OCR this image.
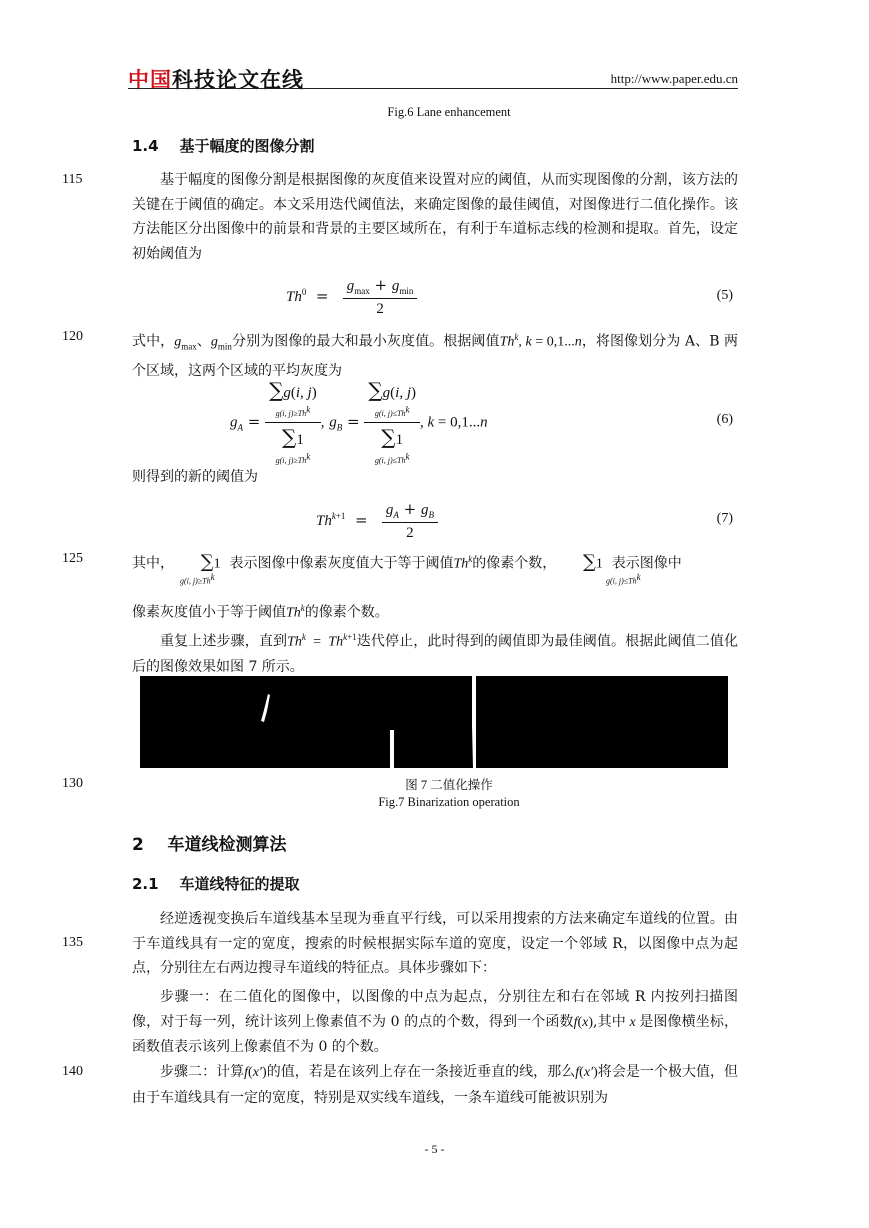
中国科技论文在线	http://www.paper.edu.cn
Fig.6 Lane enhancement
1.4 基于幅度的图像分割
115	基于幅度的图像分割是根据图像的灰度值来设置对应的阈值，从而实现图像的分割，该方法的关键在于阈值的确定。本文采用迭代阈值法，来确定图像的最佳阈值，对图像进行二值化操作。该方法能区分出图像中的前景和背景的主要区域所在，有利于车道标志线的检测和提取。首先，设定初始阈值为
$Th^0 = \frac{g_{max} + g_{min}}{2}$	(5)
120	式中，$g_{max}$、$g_{min}$分别为图像的最大和最小灰度值。根据阈值Th$^k$, k = 0,1...n，将图像划分为 A、B 两个区域，这两个区域的平均灰度为
$g_A$ =
∑g(i, j)
g(i, $j)\ge Th^k$
∑1
g(i, $j)\ge Th^k$
, $g_B$ =
∑g(i, j)
g(i, $j)\le Th^k$
∑1
g(i, $j)\le Th^k$
, k = 0,1...n	(6)
则得到的新的阈值为
$Th^{k+1} = \frac{g_A + g_B}{2}$	(7)
125	其中， ∑1 表示图像中像素灰度值大于等于阈值Th$^k$的像素个数， ∑1 表示图像中
g(i, $j)\ge Th^k$	g(i, $j)\le Th^k$
像素灰度值小于等于阈值Th$^k$的像素个数。
重复上述步骤，直到$Th^k = Th^{k+1}$迭代停止，此时得到的阈值即为最佳阈值。根据此阈值二值化后的图像效果如图 7 所示。
130	图 7 二值化操作
Fig.7 Binarization operation
2 车道线检测算法
2.1 车道线特征的提取
135
经逆透视变换后车道线基本呈现为垂直平行线，可以采用搜索的方法来确定车道线的位置。由于车道线具有一定的宽度，搜索的时候根据实际车道的宽度，设定一个邻域 R，以图像中点为起点，分别往左右两边搜寻车道线的特征点。具体步骤如下：
步骤一：在二值化的图像中，以图像的中点为起点，分别往左和右在邻域 R 内按列扫描图像，对于每一列，统计该列上像素值不为 0 的点的个数，得到一个函数f(x),其中 x 是图像横坐标，函数值表示该列上像素值不为 0 的个数。
140	步骤二：计算f(x′)的值，若是在该列上存在一条接近垂直的线，那么f(x′)将会是一个极大值，但由于车道线具有一定的宽度，特别是双实线车道线，一条车道线可能被识别为
- 5 -
